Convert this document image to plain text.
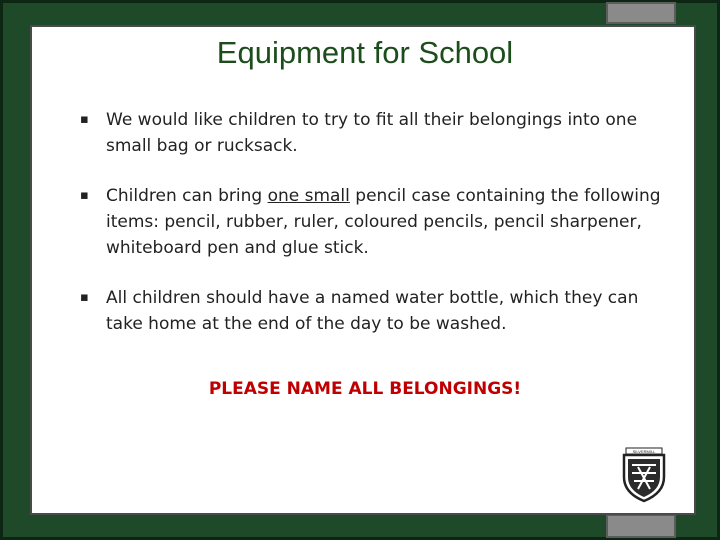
Equipment for School
▪ We would like children to try to fit all their belongings into one small bag or rucksack.
▪ Children can bring one small pencil case containing the following items: pencil, rubber, ruler, coloured pencils, pencil sharpener, whiteboard pen and glue stick.
▪ All children should have a named water bottle, which they can take home at the end of the day to be washed.
PLEASE NAME ALL BELONGINGS!
SILVERMILL
